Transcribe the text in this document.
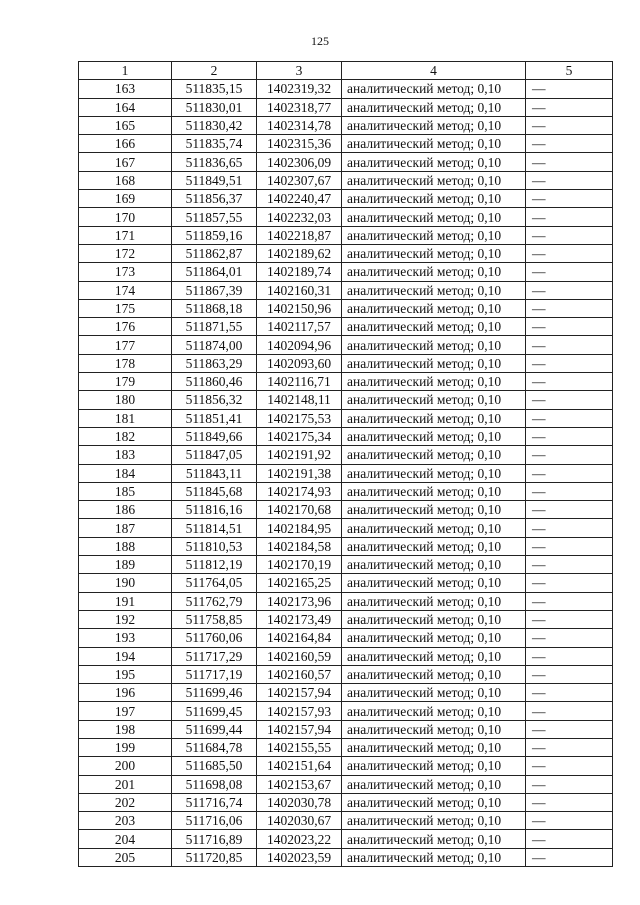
125
1	2	3	4	5
163	511835,15	1402319,32	аналитический метод; 0,10	—
164	511830,01	1402318,77	аналитический метод; 0,10	—
165	511830,42	1402314,78	аналитический метод; 0,10	—
166	511835,74	1402315,36	аналитический метод; 0,10	—
167	511836,65	1402306,09	аналитический метод; 0,10	—
168	511849,51	1402307,67	аналитический метод; 0,10	—
169	511856,37	1402240,47	аналитический метод; 0,10	—
170	511857,55	1402232,03	аналитический метод; 0,10	—
171	511859,16	1402218,87	аналитический метод; 0,10	—
172	511862,87	1402189,62	аналитический метод; 0,10	—
173	511864,01	1402189,74	аналитический метод; 0,10	—
174	511867,39	1402160,31	аналитический метод; 0,10	—
175	511868,18	1402150,96	аналитический метод; 0,10	—
176	511871,55	1402117,57	аналитический метод; 0,10	—
177	511874,00	1402094,96	аналитический метод; 0,10	—
178	511863,29	1402093,60	аналитический метод; 0,10	—
179	511860,46	1402116,71	аналитический метод; 0,10	—
180	511856,32	1402148,11	аналитический метод; 0,10	—
181	511851,41	1402175,53	аналитический метод; 0,10	—
182	511849,66	1402175,34	аналитический метод; 0,10	—
183	511847,05	1402191,92	аналитический метод; 0,10	—
184	511843,11	1402191,38	аналитический метод; 0,10	—
185	511845,68	1402174,93	аналитический метод; 0,10	—
186	511816,16	1402170,68	аналитический метод; 0,10	—
187	511814,51	1402184,95	аналитический метод; 0,10	—
188	511810,53	1402184,58	аналитический метод; 0,10	—
189	511812,19	1402170,19	аналитический метод; 0,10	—
190	511764,05	1402165,25	аналитический метод; 0,10	—
191	511762,79	1402173,96	аналитический метод; 0,10	—
192	511758,85	1402173,49	аналитический метод; 0,10	—
193	511760,06	1402164,84	аналитический метод; 0,10	—
194	511717,29	1402160,59	аналитический метод; 0,10	—
195	511717,19	1402160,57	аналитический метод; 0,10	—
196	511699,46	1402157,94	аналитический метод; 0,10	—
197	511699,45	1402157,93	аналитический метод; 0,10	—
198	511699,44	1402157,94	аналитический метод; 0,10	—
199	511684,78	1402155,55	аналитический метод; 0,10	—
200	511685,50	1402151,64	аналитический метод; 0,10	—
201	511698,08	1402153,67	аналитический метод; 0,10	—
202	511716,74	1402030,78	аналитический метод; 0,10	—
203	511716,06	1402030,67	аналитический метод; 0,10	—
204	511716,89	1402023,22	аналитический метод; 0,10	—
205	511720,85	1402023,59	аналитический метод; 0,10	—
